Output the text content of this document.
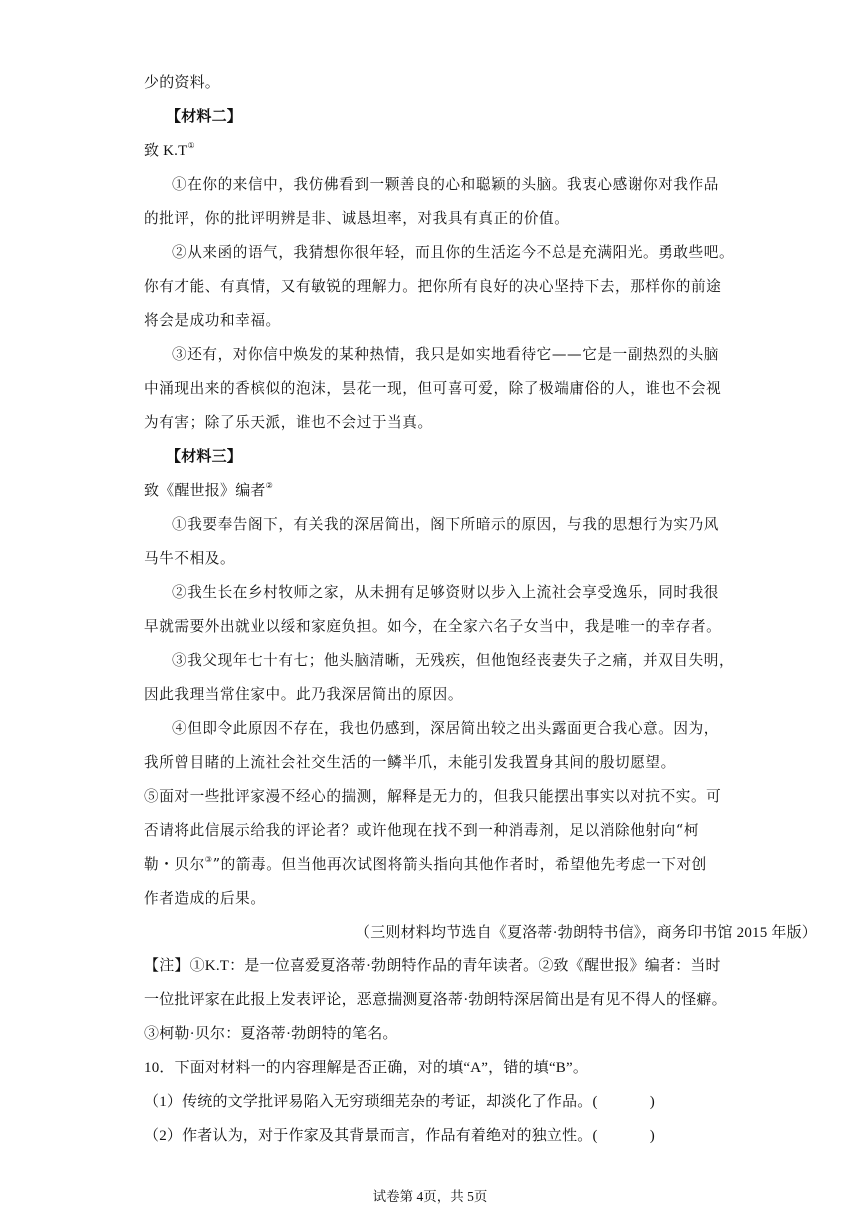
少的资料。
【材料二】
致 K.T①
①在你的来信中，我仿佛看到一颗善良的心和聪颖的头脑。我衷心感谢你对我作品
的批评，你的批评明辨是非、诚恳坦率，对我具有真正的价值。
②从来函的语气，我猜想你很年轻，而且你的生活迄今不总是充满阳光。勇敢些吧。
你有才能、有真情，又有敏锐的理解力。把你所有良好的决心坚持下去，那样你的前途
将会是成功和幸福。
③还有，对你信中焕发的某种热情，我只是如实地看待它——它是一副热烈的头脑
中涌现出来的香槟似的泡沫，昙花一现，但可喜可爱，除了极端庸俗的人，谁也不会视
为有害；除了乐天派，谁也不会过于当真。
【材料三】
致《醒世报》编者②
①我要奉告阁下，有关我的深居简出，阁下所暗示的原因，与我的思想行为实乃风
马牛不相及。
②我生长在乡村牧师之家，从未拥有足够资财以步入上流社会享受逸乐，同时我很
早就需要外出就业以绥和家庭负担。如今，在全家六名子女当中，我是唯一的幸存者。
③我父现年七十有七；他头脑清晰，无残疾，但他饱经丧妻失子之痛，并双目失明，
因此我理当常住家中。此乃我深居简出的原因。
④但即令此原因不存在，我也仍感到，深居简出较之出头露面更合我心意。因为，
我所曾目睹的上流社会社交生活的一鳞半爪，未能引发我置身其间的殷切愿望。
⑤面对一些批评家漫不经心的揣测，解释是无力的，但我只能摆出事实以对抗不实。可
否请将此信展示给我的评论者？或许他现在找不到一种消毒剂，足以消除他射向“柯
勒・贝尔③”的箭毒。但当他再次试图将箭头指向其他作者时，希望他先考虑一下对创
作者造成的后果。
（三则材料均节选自《夏洛蒂·勃朗特书信》，商务印书馆 2015 年版）
【注】①K.T：是一位喜爱夏洛蒂·勃朗特作品的青年读者。②致《醒世报》编者：当时
一位批评家在此报上发表评论，恶意揣测夏洛蒂·勃朗特深居简出是有见不得人的怪癖。
③柯勒·贝尔：夏洛蒂·勃朗特的笔名。
10．下面对材料一的内容理解是否正确，对的填“A”，错的填“B”。
（1）传统的文学批评易陷入无穷琐细芜杂的考证，却淡化了作品。(	)
（2）作者认为，对于作家及其背景而言，作品有着绝对的独立性。(	)
试卷第 4页，共 5页
